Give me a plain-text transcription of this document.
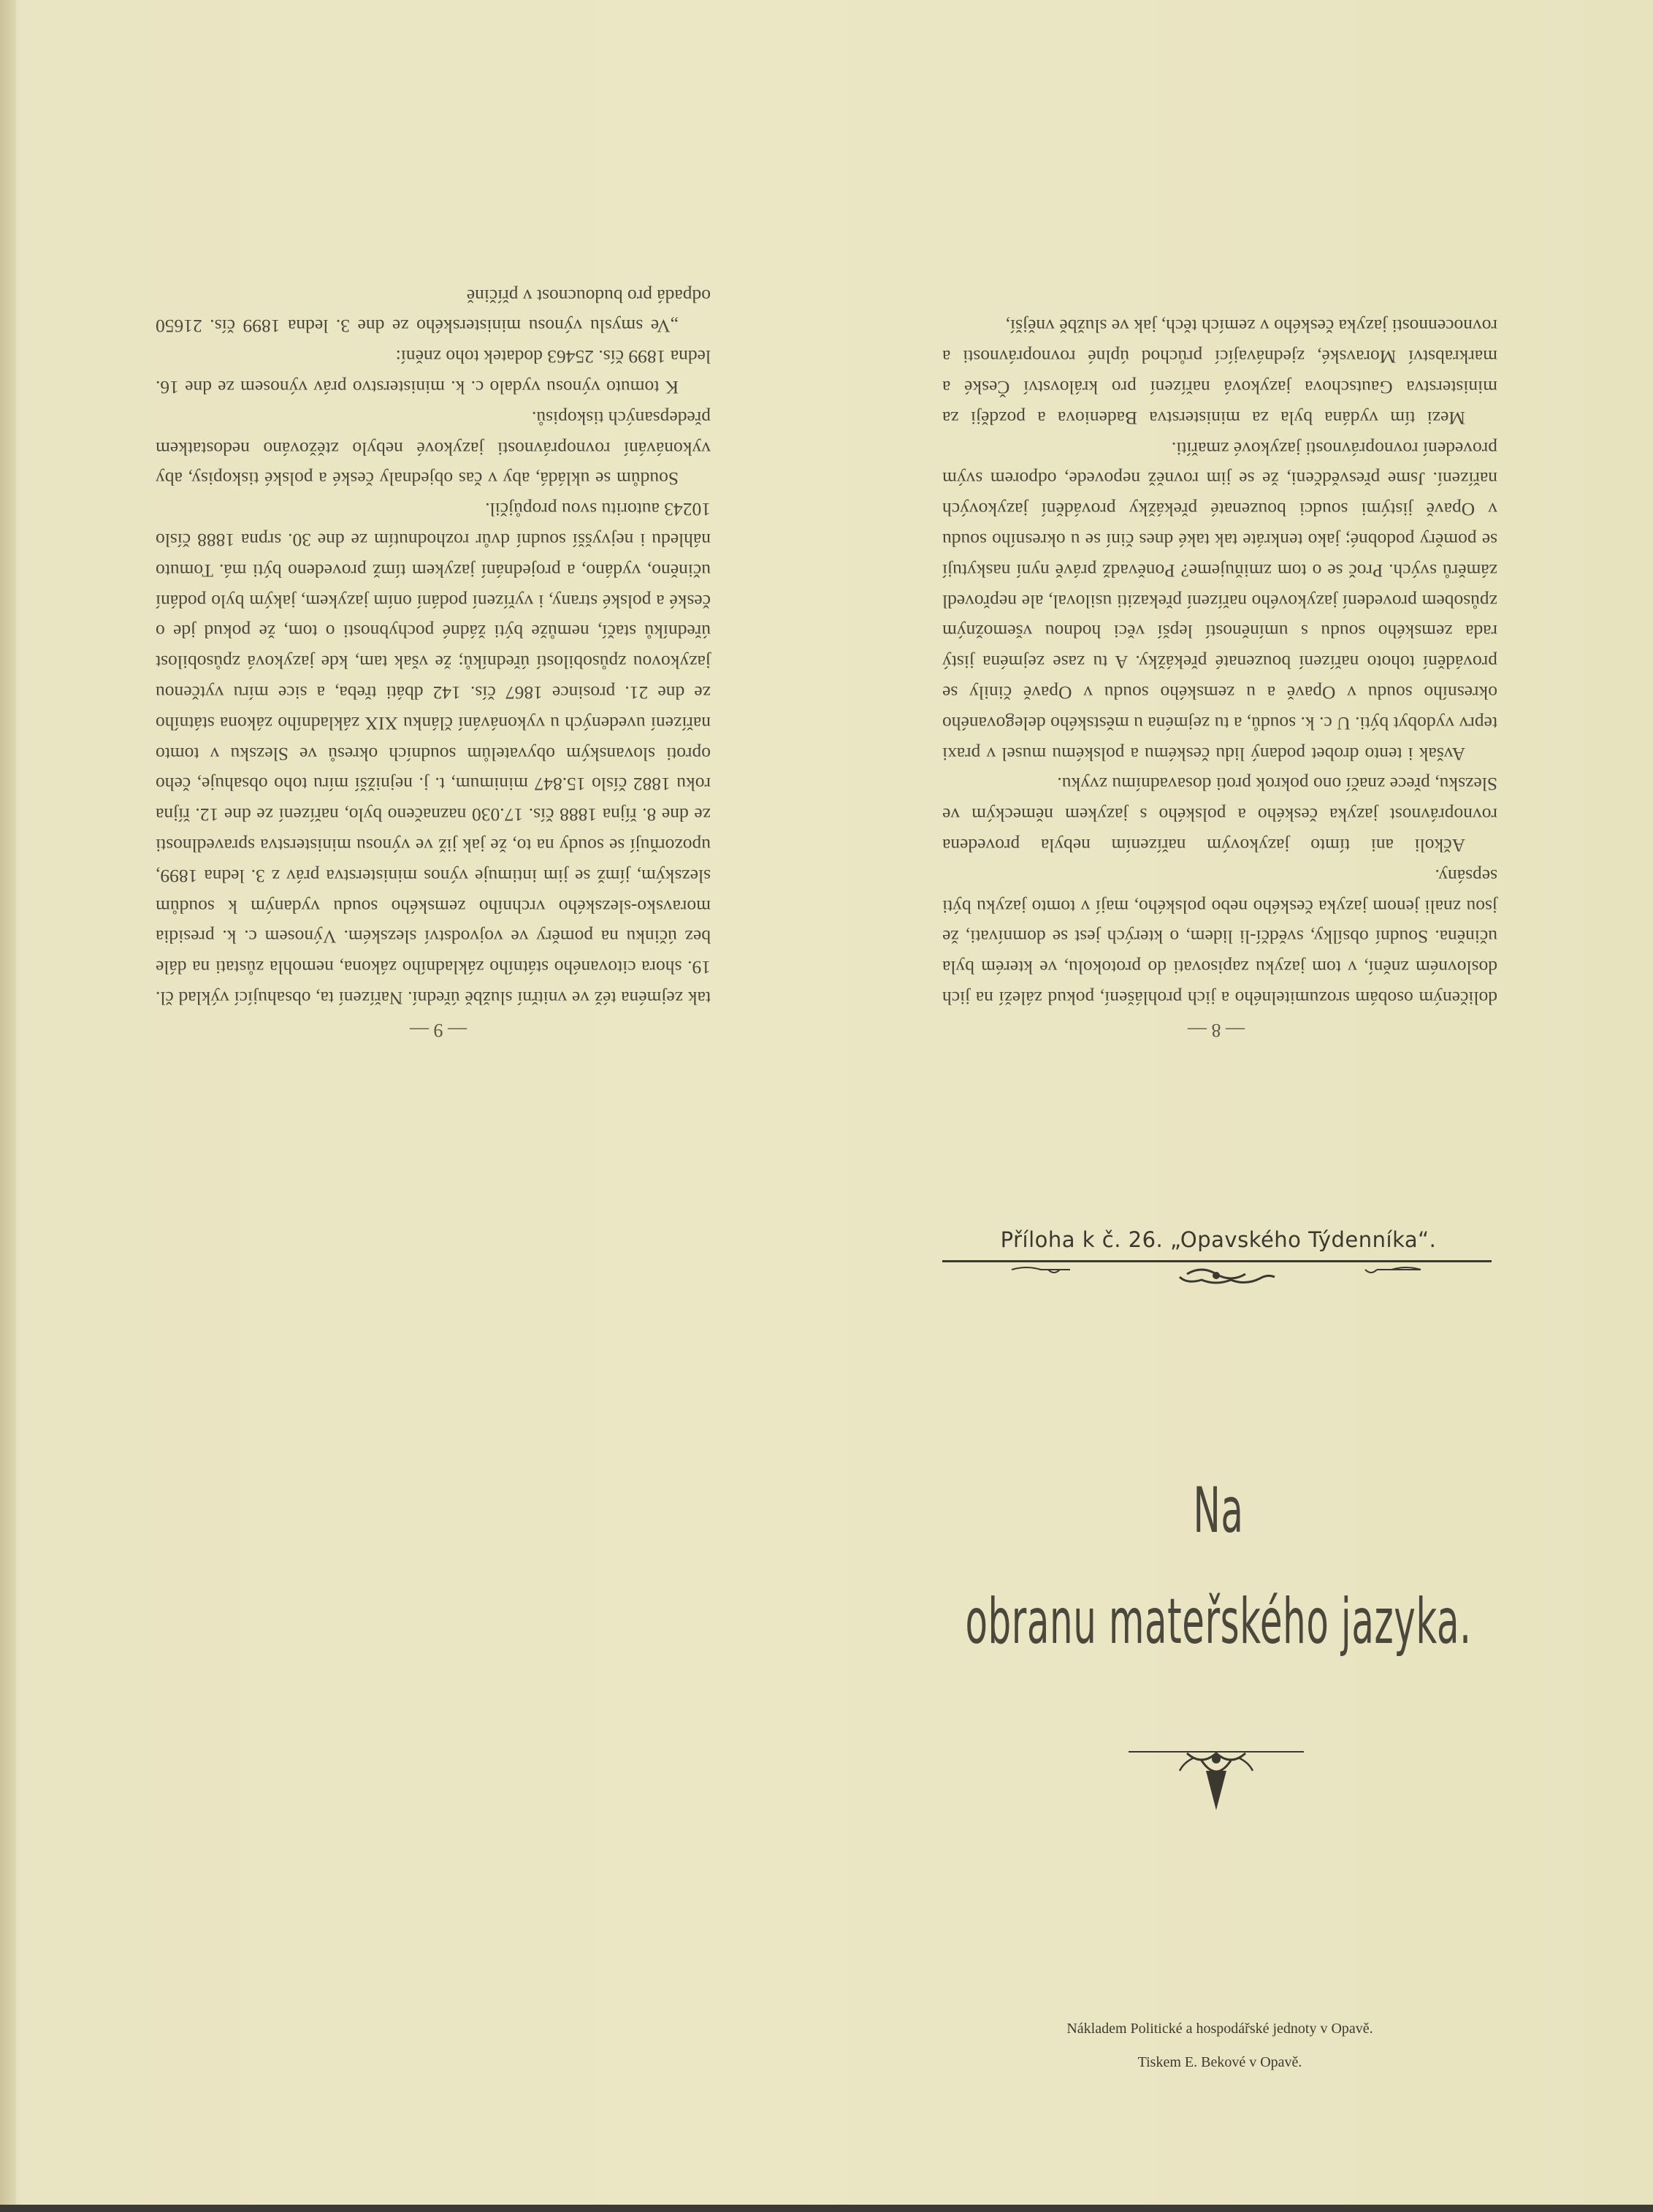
tak zejména též ve vnitřní službě úřední. Nařízení ta, obsahující výklad čl. 19. shora citovaného státního základního zákona, nemohla zůstati na dále bez účinku na poměry ve vojvodství slezském. Výnosem c. k. presidia moravsko-slezského vrchního zemského soudu vydaným k soudům slezským, jímž se jim intimuje výnos ministerstva práv z 3. ledna 1899, upozorňují se soudy na to, že jak již ve výnosu ministerstva spravedlnosti ze dne 8. října 1888 čís. 17.030 naznačeno bylo, nařízení ze dne 12. října roku 1882 číslo 15.847 minimum, t. j. nejnižší míru toho obsahuje, čeho oproti slovanským obyvatelům soudních okresů ve Slezsku v tomto nařízení uvedených u vykonávání článku XIX základního zákona státního ze dne 21. prosince 1867 čís. 142 dbáti třeba, a sice míru vytčenou jazykovou způsobilostí úředníků; že však tam, kde jazyková způsobilost úředníků stačí, nemůže býti žádné pochybnosti o tom, že pokud jde o české a polské strany, i vyřízení podání oním jazykem, jakým bylo podání učiněno, vydáno, a projednání jazykem tímž provedeno býti má. Tomuto náhledu i nejvyšší soudní dvůr rozhodnutím ze dne 30. srpna 1888 číslo 10243 autoritu svou propůjčil.

Soudům se ukládá, aby v čas objednaly české a polské tiskopisy, aby vykonávání rovnoprávnosti jazykové nebylo ztěžováno nedostatkem předepsaných tiskopisů.

K tomuto výnosu vydalo c. k. ministerstvo práv výnosem ze dne 16. ledna 1899 čís. 25463 dodatek toho znění:

„Ve smyslu výnosu ministerského ze dne 3. ledna 1899 čís. 21650 odpadá pro budoucnost v příčině

— 9 —

doličeným osobám srozumitelného a jich prohlášení, pokud záleží na jich doslovném znění, v tom jazyku zapisovati do protokolu, ve kterém byla učiněna. Soudní obsílky, svědčí-li lidem, o kterých jest se domnívati, že jsou znali jenom jazyka českého nebo polského, mají v tomto jazyku býti sepsány.

Ačkoli ani tímto jazykovým nařízením nebyla provedena rovnoprávnost jazyka českého a polského s jazykem německým ve Slezsku, přece značí ono pokrok proti dosavadnímu zvyku.

Avšak i tento drobet podaný lidu českému a polskému musel v praxi teprv vydobyt býti. U c. k. soudů, a tu zejména u městského delegovaného okresního soudu v Opavě a u zemského soudu v Opavě činily se provádění tohoto nařízení bouzenaté překážky. A tu zase zejména jistý rada zemského soudu s umíněností lepší věci hodnou všemožným způsobem provedení jazykového nařízení překaziti usiloval, ale nepřovedl záměrů svých. Proč se o tom zmiňujeme? Poněvadž právě nyní naskytují se poměry podobné; jako tenkráte tak také dnes činí se u okresního soudu v Opavě jistými soudci bouzenaté překážky provádění jazykových nařízení. Jsme přesvědčeni, že se jim rovněž nepovede, odporem svým provedení rovnoprávnosti jazykové zmaříti.

Mezi tím vydána byla za ministerstva Badeniova a později za ministerstva Gautschova jazyková nařízení pro království České a markrabství Moravské, zjednávající průchod úplné rovnoprávnosti a rovnocennosti jazyka českého v zemích těch, jak ve službě vnější,

— 8 —
Příloha k č. 26. „Opavského Týdenníka“.
Na
obranu mateřského jazyka.
Nákladem Politické a hospodářské jednoty v Opavě.
Tiskem E. Bekové v Opavě.
